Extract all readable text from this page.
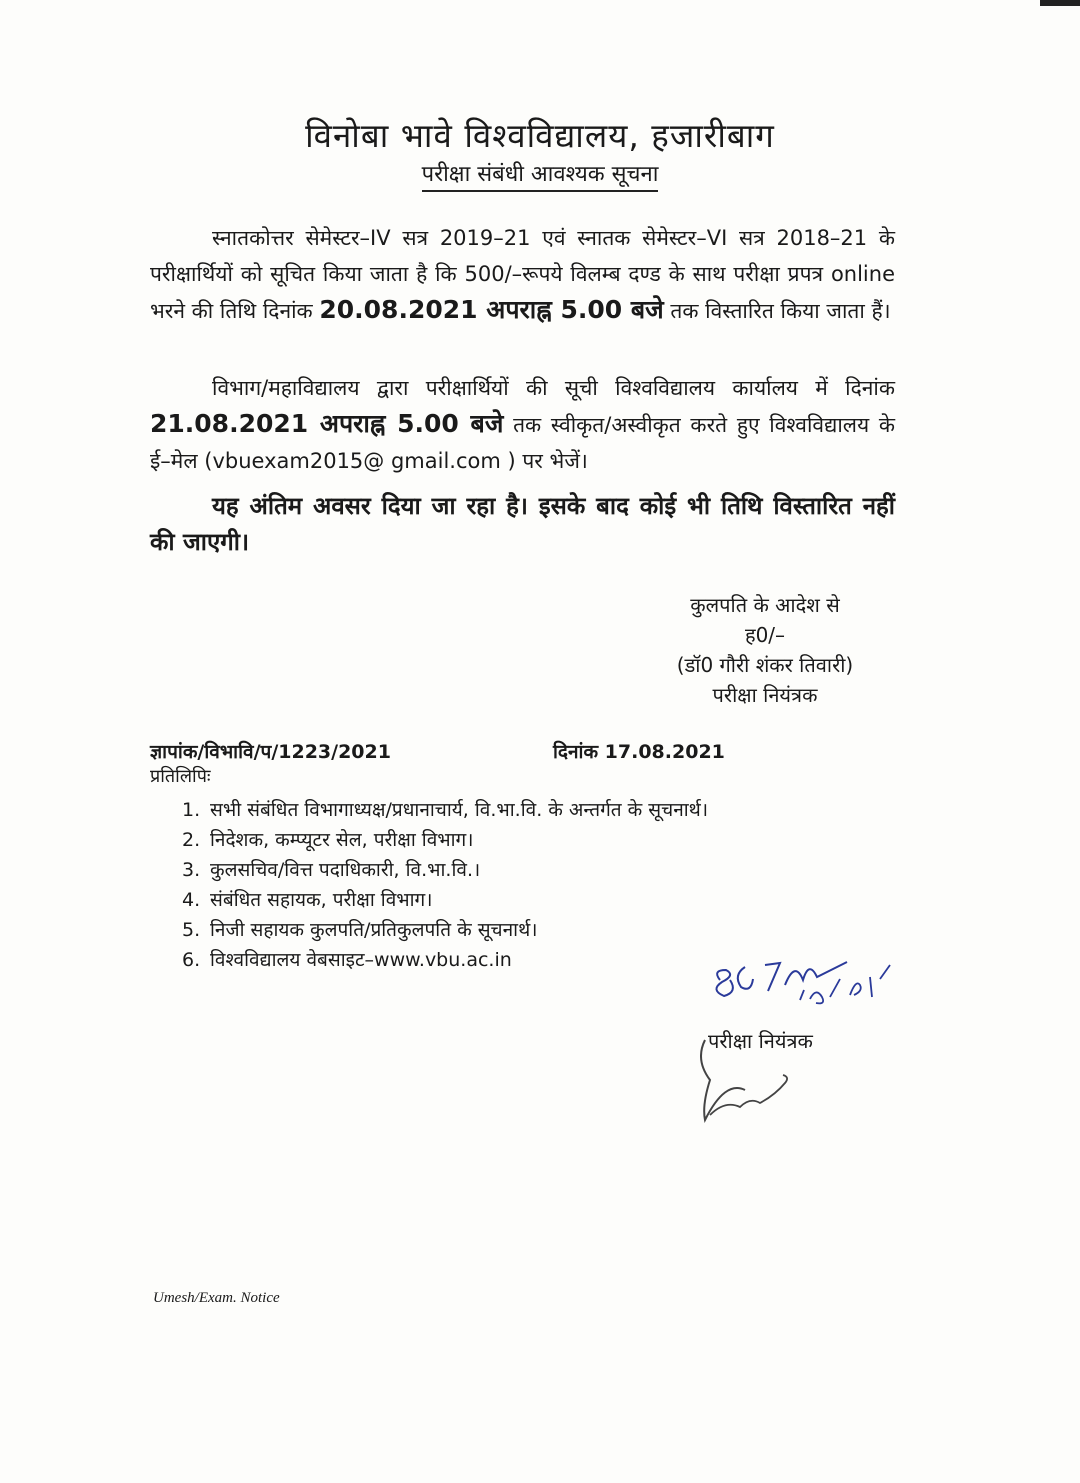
विनोबा भावे विश्वविद्यालय, हजारीबाग
परीक्षा संबंधी आवश्यक सूचना
स्नातकोत्तर सेमेस्टर–IV सत्र 2019–21 एवं स्नातक सेमेस्टर–VI सत्र 2018–21 के परीक्षार्थियों को सूचित किया जाता है कि 500/–रूपये विलम्ब दण्ड के साथ परीक्षा प्रपत्र online भरने की तिथि दिनांक 20.08.2021 अपराह्न 5.00 बजे तक विस्तारित किया जाता हैं।
विभाग/महाविद्यालय द्वारा परीक्षार्थियों की सूची विश्वविद्यालय कार्यालय में दिनांक 21.08.2021 अपराह्न 5.00 बजे तक स्वीकृत/अस्वीकृत करते हुए विश्वविद्यालय के ई–मेल (vbuexam2015@ gmail.com ) पर भेजें।
यह अंतिम अवसर दिया जा रहा है। इसके बाद कोई भी तिथि विस्तारित नहीं की जाएगी।
कुलपति के आदेश से
ह0/–
(डॉ0 गौरी शंकर तिवारी)
परीक्षा नियंत्रक
ज्ञापांक/विभावि/प/1223/2021	दिनांक 17.08.2021
प्रतिलिपिः
1. सभी संबंधित विभागाध्यक्ष/प्रधानाचार्य, वि.भा.वि. के अन्तर्गत के सूचनार्थ।
2. निदेशक, कम्प्यूटर सेल, परीक्षा विभाग।
3. कुलसचिव/वित्त पदाधिकारी, वि.भा.वि.।
4. संबंधित सहायक, परीक्षा विभाग।
5. निजी सहायक कुलपति/प्रतिकुलपति के सूचनार्थ।
6. विश्वविद्यालय वेबसाइट–www.vbu.ac.in
परीक्षा नियंत्रक
Umesh/Exam. Notice
